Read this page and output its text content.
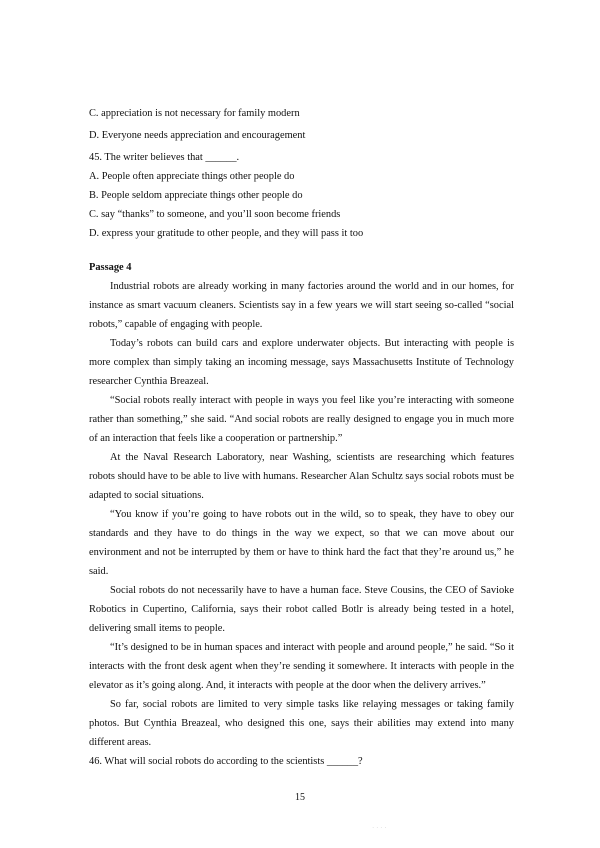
C. appreciation is not necessary for family modern
D. Everyone needs appreciation and encouragement
45. The writer believes that ______.
A. People often appreciate things other people do
B. People seldom appreciate things other people do
C. say “thanks” to someone, and you’ll soon become friends
D. express your gratitude to other people, and they will pass it too
Passage 4

Industrial robots are already working in many factories around the world and in our homes, for instance as smart vacuum cleaners. Scientists say in a few years we will start seeing so-called “social robots,” capable of engaging with people.

Today’s robots can build cars and explore underwater objects. But interacting with people is more complex than simply taking an incoming message, says Massachusetts Institute of Technology researcher Cynthia Breazeal.

“Social robots really interact with people in ways you feel like you’re interacting with someone rather than something,” she said. “And social robots are really designed to engage you in much more of an interaction that feels like a cooperation or partnership.”

At the Naval Research Laboratory, near Washing, scientists are researching which features robots should have to be able to live with humans. Researcher Alan Schultz says social robots must be adapted to social situations.

“You know if you’re going to have robots out in the wild, so to speak, they have to obey our standards and they have to do things in the way we expect, so that we can move about our environment and not be interrupted by them or have to think hard the fact that they’re around us,” he said.

Social robots do not necessarily have to have a human face. Steve Cousins, the CEO of Savioke Robotics in Cupertino, California, says their robot called Botlr is already being tested in a hotel, delivering small items to people.

“It’s designed to be in human spaces and interact with people and around people,” he said. “So it interacts with the front desk agent when they’re sending it somewhere. It interacts with people in the elevator as it’s going along. And, it interacts with people at the door when the delivery arrives.”

So far, social robots are limited to very simple tasks like relaying messages or taking family photos. But Cynthia Breazeal, who designed this one, says their abilities may extend into many different areas.

46. What will social robots do according to the scientists ______?
15
· · · ·
